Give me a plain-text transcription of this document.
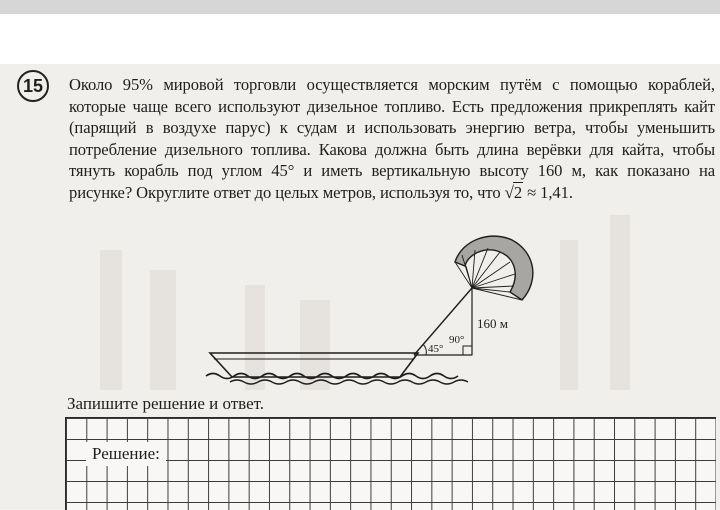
15 Около 95% мировой торговли осуществляется морским путём с помощью кораблей, которые чаще всего используют дизельное топливо. Есть предложения прикреплять кайт (парящий в воздухе парус) к судам и использовать энергию ветра, чтобы уменьшить потребление дизельного топлива. Какова должна быть длина верёвки для кайта, чтобы тянуть корабль под углом 45° и иметь вертикальную высоту 160 м, как показано на рисунке? Округлите ответ до целых метров, используя то, что √2 ≈ 1,41.

160 м
90°
45°

Запишите решение и ответ.

Решение:
